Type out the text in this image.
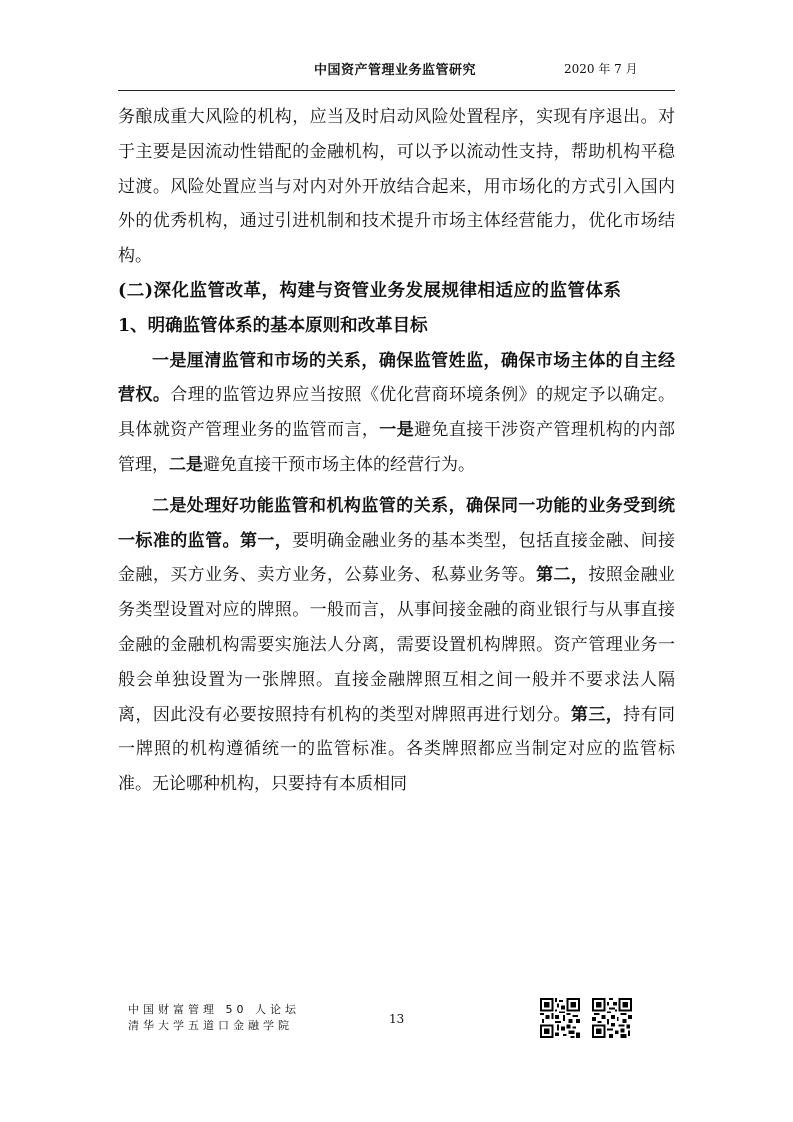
中国资产管理业务监管研究	2020 年 7 月

务酿成重大风险的机构，应当及时启动风险处置程序，实现有序退出。对于主要是因流动性错配的金融机构，可以予以流动性支持，帮助机构平稳过渡。风险处置应当与对内对外开放结合起来，用市场化的方式引入国内外的优秀机构，通过引进机制和技术提升市场主体经营能力，优化市场结构。

(二)深化监管改革，构建与资管业务发展规律相适应的监管体系

1、明确监管体系的基本原则和改革目标

一是厘清监管和市场的关系，确保监管姓监，确保市场主体的自主经营权。合理的监管边界应当按照《优化营商环境条例》的规定予以确定。具体就资产管理业务的监管而言，一是避免直接干涉资产管理机构的内部管理，二是避免直接干预市场主体的经营行为。

二是处理好功能监管和机构监管的关系，确保同一功能的业务受到统一标准的监管。第一，要明确金融业务的基本类型，包括直接金融、间接金融，买方业务、卖方业务，公募业务、私募业务等。第二，按照金融业务类型设置对应的牌照。一般而言，从事间接金融的商业银行与从事直接金融的金融机构需要实施法人分离，需要设置机构牌照。资产管理业务一般会单独设置为一张牌照。直接金融牌照互相之间一般并不要求法人隔离，因此没有必要按照持有机构的类型对牌照再进行划分。第三，持有同一牌照的机构遵循统一的监管标准。各类牌照都应当制定对应的监管标准。无论哪种机构，只要持有本质相同

中国财富管理 50 人论坛
清华大学五道口金融学院	13
